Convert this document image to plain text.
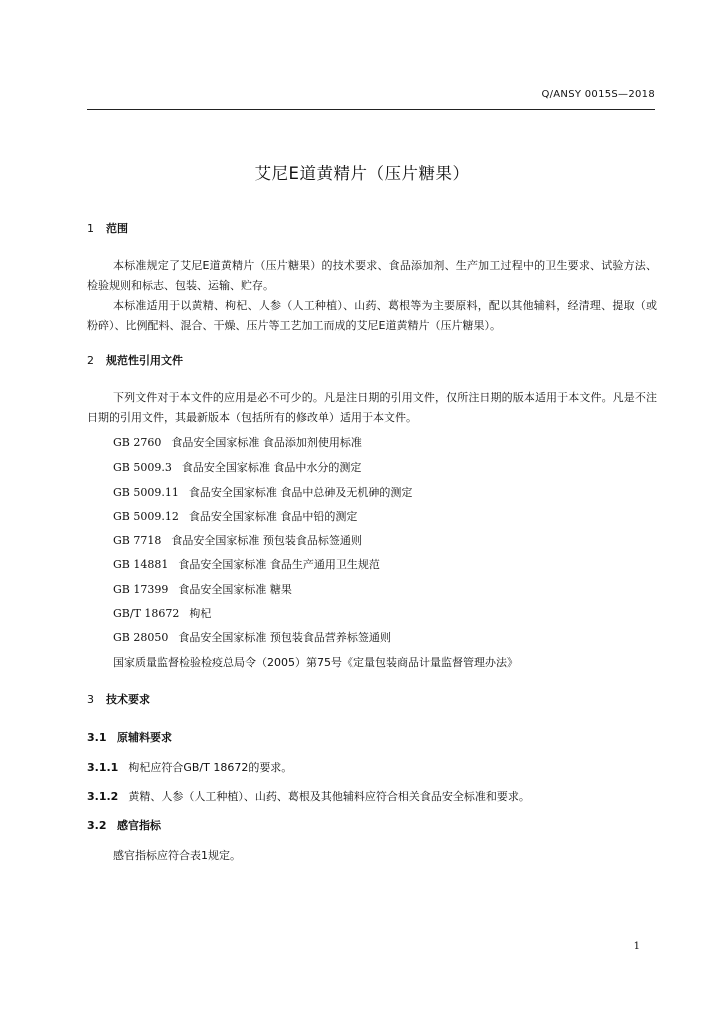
Q/ANSY 0015S—2018
艾尼E道黄精片（压片糖果）
1 范围
本标准规定了艾尼E道黄精片（压片糖果）的技术要求、食品添加剂、生产加工过程中的卫生要求、试验方法、检验规则和标志、包装、运输、贮存。
本标准适用于以黄精、枸杞、人参（人工种植）、山药、葛根等为主要原料，配以其他辅料，经清理、提取（或粉碎）、比例配料、混合、干燥、压片等工艺加工而成的艾尼E道黄精片（压片糖果）。
2 规范性引用文件
下列文件对于本文件的应用是必不可少的。凡是注日期的引用文件，仅所注日期的版本适用于本文件。凡是不注日期的引用文件，其最新版本（包括所有的修改单）适用于本文件。
GB 2760 食品安全国家标准 食品添加剂使用标准
GB 5009.3 食品安全国家标准 食品中水分的测定
GB 5009.11 食品安全国家标准 食品中总砷及无机砷的测定
GB 5009.12 食品安全国家标准 食品中铅的测定
GB 7718 食品安全国家标准 预包装食品标签通则
GB 14881 食品安全国家标准 食品生产通用卫生规范
GB 17399 食品安全国家标准 糖果
GB/T 18672 枸杞
GB 28050 食品安全国家标准 预包装食品营养标签通则
国家质量监督检验检疫总局令（2005）第75号《定量包装商品计量监督管理办法》
3 技术要求
3.1 原辅料要求
3.1.1 枸杞应符合GB/T 18672的要求。
3.1.2 黄精、人参（人工种植）、山药、葛根及其他辅料应符合相关食品安全标准和要求。
3.2 感官指标
感官指标应符合表1规定。
1
